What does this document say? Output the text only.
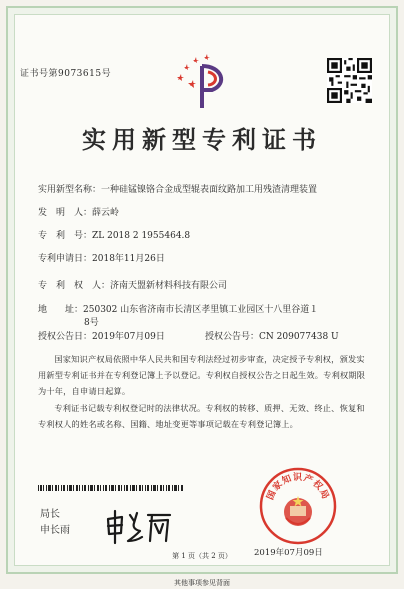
证书号第9073615号
实用新型专利证书
实用新型名称：一种硅锰镍铬合金成型辊表面纹路加工用残渣清理装置
发　明　人：薛云岭
专　利　号：ZL 2018 2 1955464.8
专利申请日：2018年11月26日
专　利　权　人：济南天盟新材料科技有限公司
地　　址：250302 山东省济南市长清区孝里镇工业园区十八里谷道１
8号
授权公告日：2019年07月09日	授权公告号：CN 209077438 U
国家知识产权局依照中华人民共和国专利法经过初步审查，决定授予专利权，颁发实用新型专利证书并在专利登记簿上予以登记。专利权自授权公告之日起生效。专利权期限为十年，自申请日起算。
专利证书记载专利权登记时的法律状况。专利权的转移、质押、无效、终止、恢复和专利权人的姓名或名称、国籍、地址变更等事项记载在专利登记簿上。
局长
申长雨
国家知识产权局
2019年07月09日
第 1 页（共 2 页）
其他事项参见背面
